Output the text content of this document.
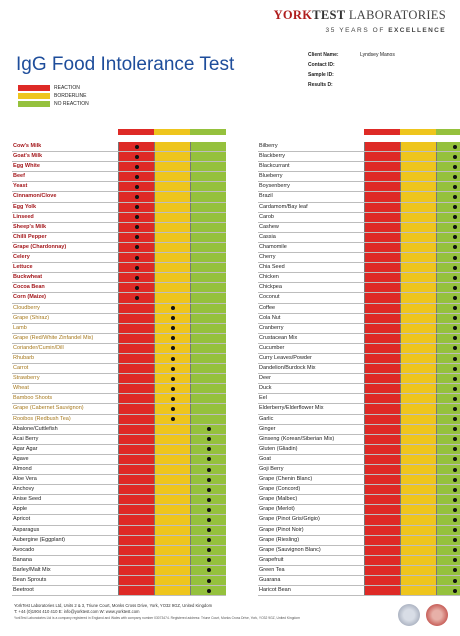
YORKTEST LABORATORIES
35 YEARS OF EXCELLENCE
IgG Food Intolerance Test
REACTION
BORDERLINE
NO REACTION
Client Name:	Lyndsey Manos
Contact ID:
Sample ID:
Results D:
Cow's Milk
Goat's Milk
Egg White
Beef
Yeast
Cinnamon/Clove
Egg Yolk
Linseed
Sheep's Milk
Chilli Pepper
Grape (Chardonnay)
Celery
Lettuce
Buckwheat
Cocoa Bean
Corn (Maize)
Cloudberry
Grape (Shiraz)
Lamb
Grape (Red/White Zinfandel Mix)
Coriander/Cumin/Dill
Rhubarb
Carrot
Strawberry
Wheat
Bamboo Shoots
Grape (Cabernet Sauvignon)
Rooibos (Redbush Tea)
Abalone/Cuttlefish
Acai Berry
Agar Agar
Agave
Almond
Aloe Vera
Anchovy
Anise Seed
Apple
Apricot
Asparagus
Aubergine (Eggplant)
Avocado
Banana
Barley/Malt Mix
Bean Sprouts
Beetroot
Bilberry
Blackberry
Blackcurrant
Blueberry
Boysenberry
Brazil
Cardamom/Bay leaf
Carob
Cashew
Cassia
Chamomile
Cherry
Chia Seed
Chicken
Chickpea
Coconut
Coffee
Cola Nut
Cranberry
Crustacean Mix
Cucumber
Curry Leaves/Powder
Dandelion/Burdock Mix
Deer
Duck
Eel
Elderberry/Elderflower Mix
Garlic
Ginger
Ginseng (Korean/Siberian Mix)
Gluten (Gliadin)
Goat
Goji Berry
Grape (Chenin Blanc)
Grape (Concord)
Grape (Malbec)
Grape (Merlot)
Grape (Pinot Gris/Grigio)
Grape (Pinot Noir)
Grape (Riesling)
Grape (Sauvignon Blanc)
Grapefruit
Green Tea
Guarana
Haricot Bean
YorkTest Laboratories Ltd, Units 2 & 3, Triune Court, Monks Cross Drive, York, YO32 9GZ, United Kingdom
T: +44 (0)1904 410 410 E: info@yorktest.com W: www.yorktest.com
YorkTest Laboratories Ltd is a company registered in England and Wales with company number 03073474. Registered address: Triune Court, Monks Cross Drive, York, YO32 9GZ, United Kingdom
